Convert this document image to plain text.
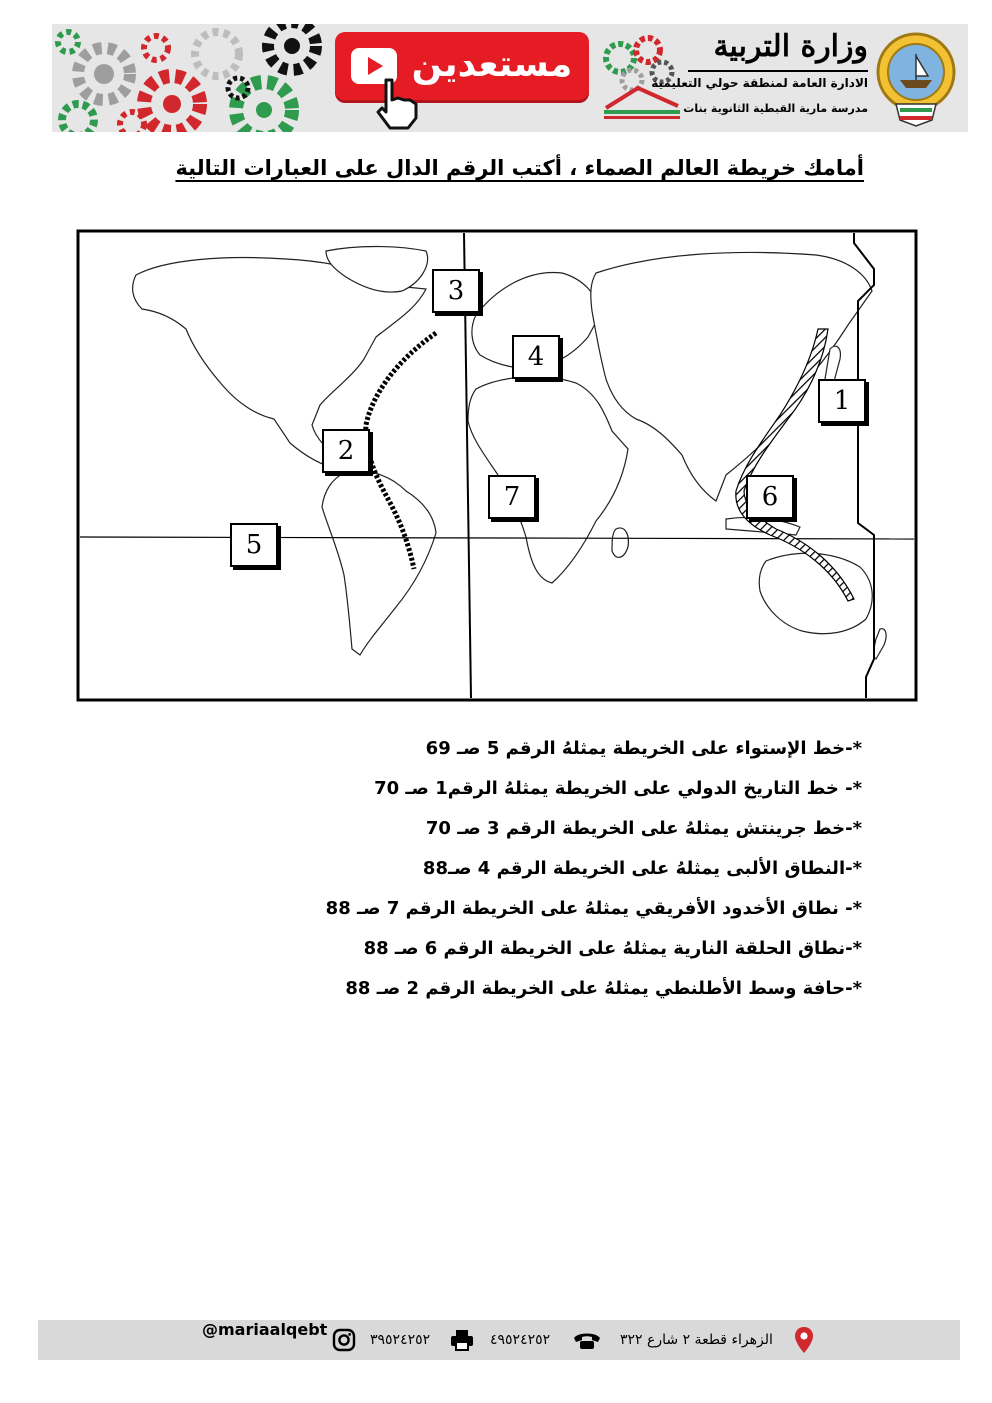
مستعدين	وزارة التربية
الادارة العامة لمنطقة حولي التعليمية
مدرسة مارية القبطية الثانوية بنات
أمامك خريطة العالم الصماء ، أكتب الرقم الدال على العبارات التالية
1
2
3
4
5
6
7
*-خط الإستواء على الخريطة يمثلهُ الرقم 5 صـ 69
*- خط التاريخ الدولي على الخريطة يمثلهُ الرقم1 صـ 70
*-خط جرينتش يمثلهُ على الخريطة الرقم 3 صـ 70
*-النطاق الألبى يمثلهُ على الخريطة الرقم 4 صـ88
*- نطاق الأخدود الأفريقي يمثلهُ على الخريطة الرقم 7 صـ 88
*-نطاق الحلقة النارية يمثلهُ على الخريطة الرقم 6 صـ 88
*-حافة وسط الأطلنطي يمثلهُ على الخريطة الرقم 2 صـ 88
@mariaalqebt
٣٩٥٢٤٢٥٢	٤٩٥٢٤٢٥٢	الزهراء قطعة ٢ شارع ٣٢٢
